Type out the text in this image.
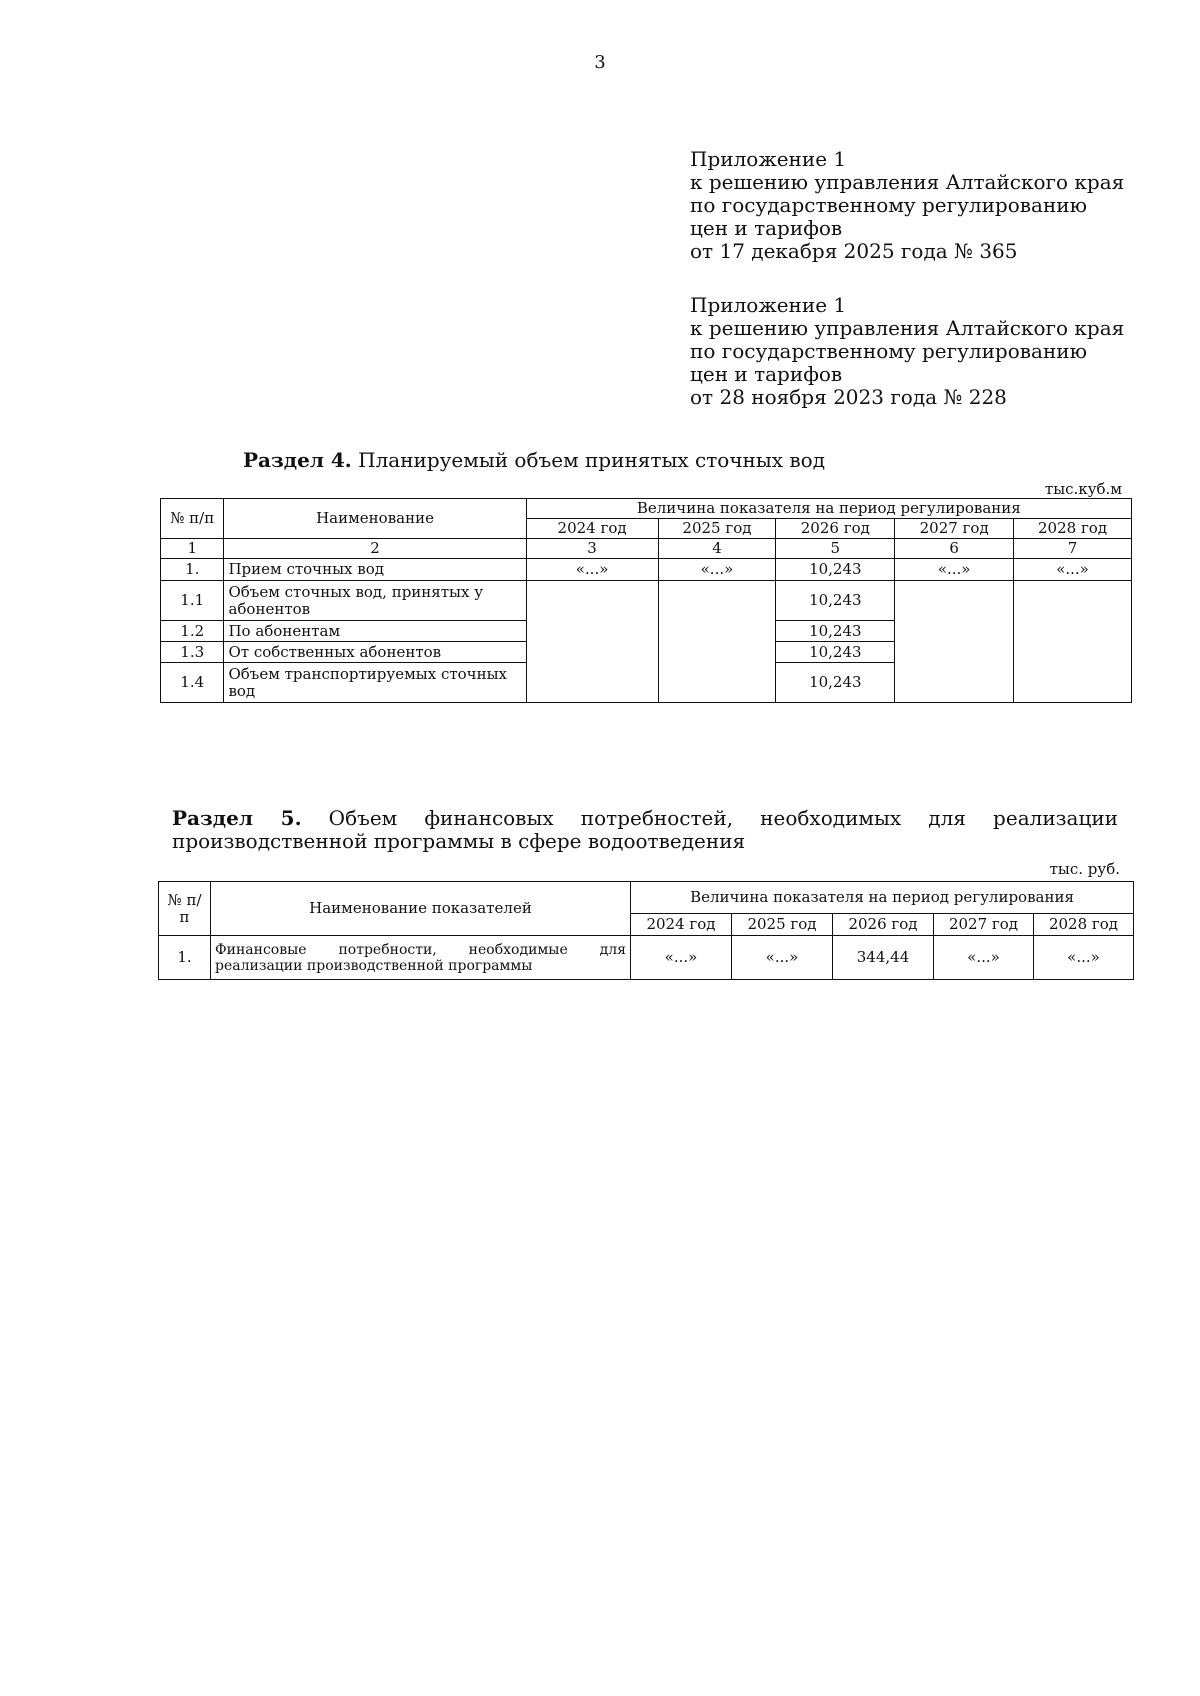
3
Приложение 1
к решению управления Алтайского края
по государственному регулированию
цен и тарифов
от 17 декабря 2025 года № 365
Приложение 1
к решению управления Алтайского края
по государственному регулированию
цен и тарифов
от 28 ноября 2023 года № 228
Раздел 4. Планируемый объем принятых сточных вод
тыс.куб.м
№ п/п	Наименование	Величина показателя на период регулирования				
		2024 год	2025 год	2026 год	2027 год	2028 год
1	2	3	4	5	6	7
1.	Прием сточных вод	«...»	«...»	10,243	«...»	«...»
1.1	Объем сточных вод, принятых у абонентов			10,243		
1.2	По абонентам			10,243		
1.3	От собственных абонентов			10,243		
1.4	Объем транспортируемых сточных вод			10,243		
Раздел 5. Объем финансовых потребностей, необходимых для реализации
производственной программы в сфере водоотведения
тыс. руб.
№ п/п	Наименование показателей	Величина показателя на период регулирования				
		2024 год	2025 год	2026 год	2027 год	2028 год
1.	Финансовые потребности, необходимые для реализации производственной программы	«...»	«...»	344,44	«...»	«...»
